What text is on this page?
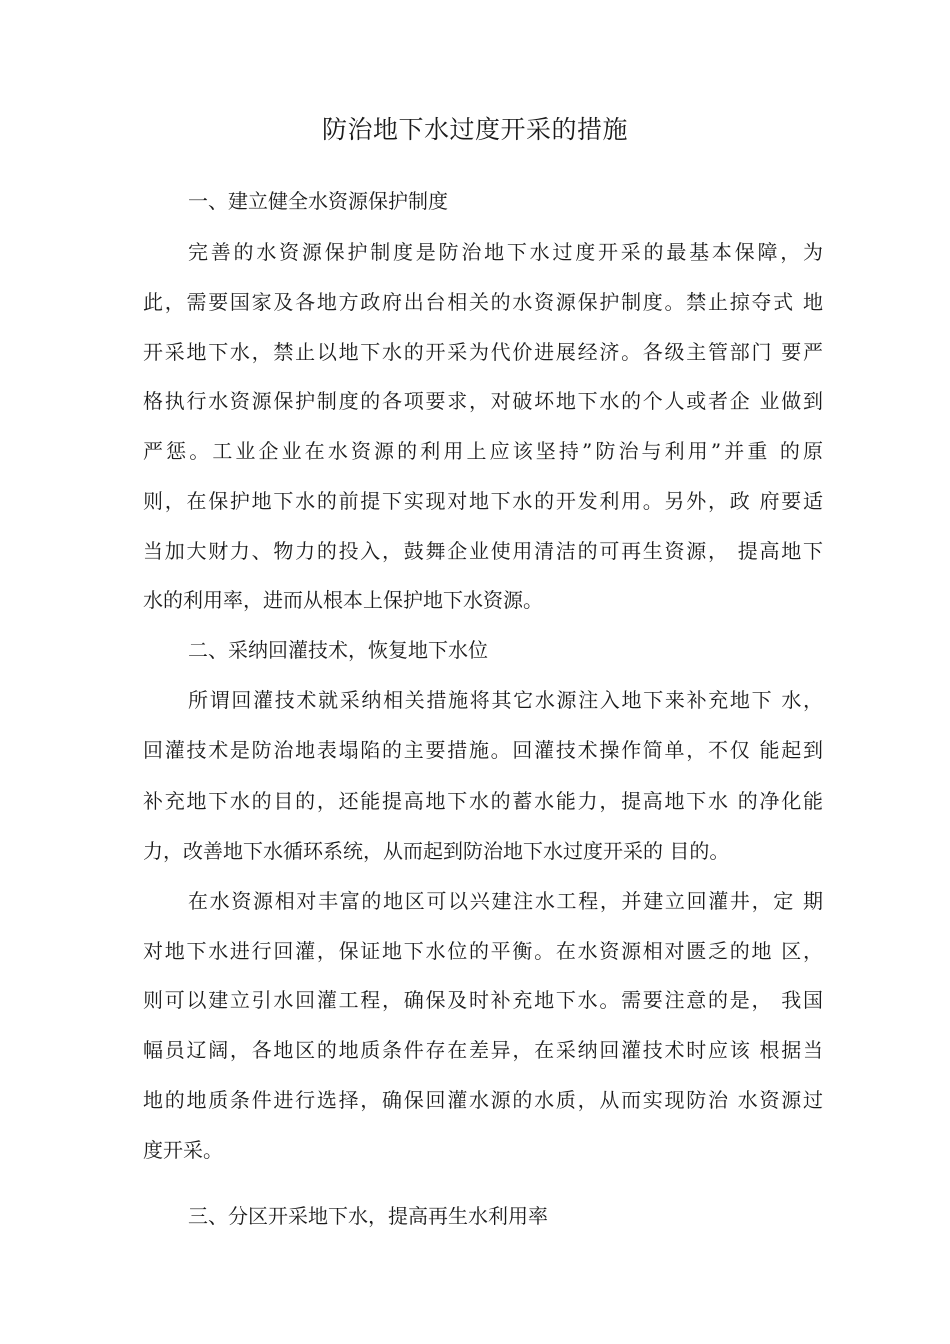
防治地下水过度开采的措施
一、建立健全水资源保护制度
完善的水资源保护制度是防治地下水过度开采的最基本保障，为
此，需要国家及各地方政府出台相关的水资源保护制度。禁止掠夺式 地
开采地下水，禁止以地下水的开采为代价进展经济。各级主管部门 要严
格执行水资源保护制度的各项要求，对破坏地下水的个人或者企 业做到
严惩。工业企业在水资源的利用上应该坚持”防治与利用”并重 的原
则，在保护地下水的前提下实现对地下水的开发利用。另外，政 府要适
当加大财力、物力的投入，鼓舞企业使用清洁的可再生资源， 提高地下
水的利用率，进而从根本上保护地下水资源。
二、采纳回灌技术，恢复地下水位
所谓回灌技术就采纳相关措施将其它水源注入地下来补充地下 水，
回灌技术是防治地表塌陷的主要措施。回灌技术操作简单，不仅 能起到
补充地下水的目的，还能提高地下水的蓄水能力，提高地下水 的净化能
力，改善地下水循环系统，从而起到防治地下水过度开采的 目的。
在水资源相对丰富的地区可以兴建注水工程，并建立回灌井，定 期
对地下水进行回灌，保证地下水位的平衡。在水资源相对匮乏的地 区，
则可以建立引水回灌工程，确保及时补充地下水。需要注意的是， 我国
幅员辽阔，各地区的地质条件存在差异，在采纳回灌技术时应该 根据当
地的地质条件进行选择，确保回灌水源的水质，从而实现防治 水资源过
度开采。
三、分区开采地下水，提高再生水利用率
